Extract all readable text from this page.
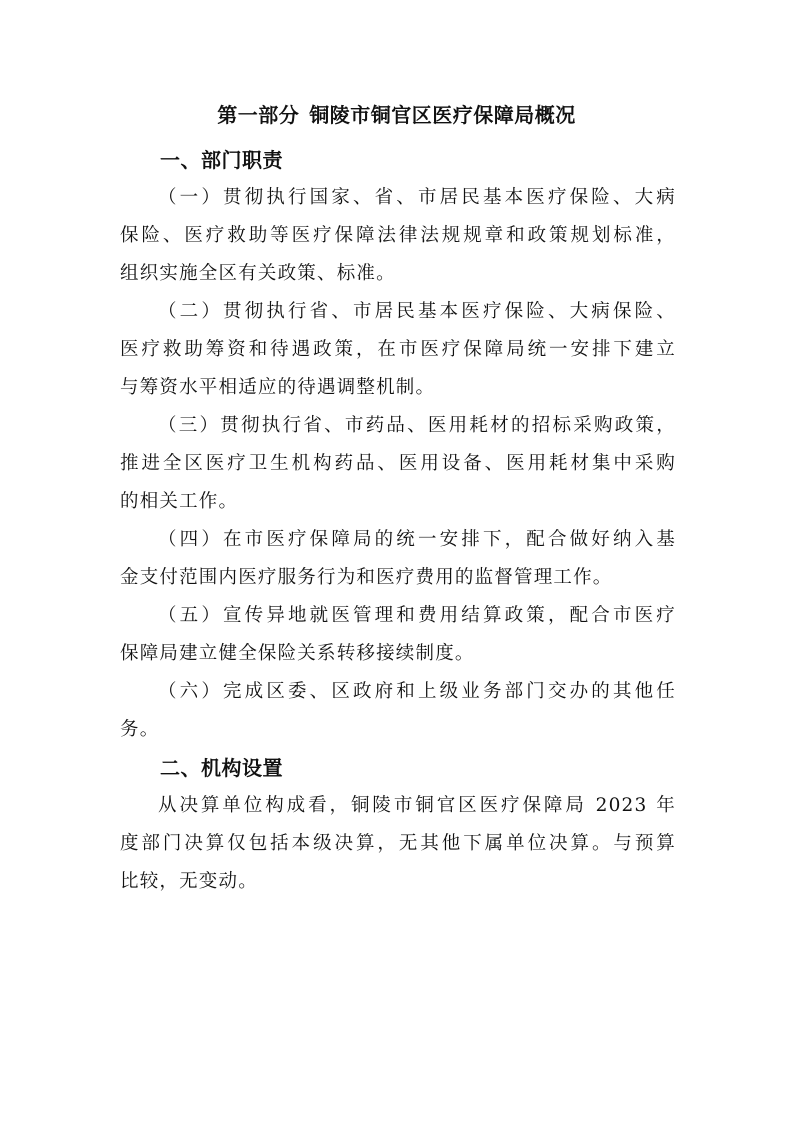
第一部分 铜陵市铜官区医疗保障局概况
一、部门职责
（一）贯彻执行国家、省、市居民基本医疗保险、大病
保险、医疗救助等医疗保障法律法规规章和政策规划标准，
组织实施全区有关政策、标准。
（二）贯彻执行省、市居民基本医疗保险、大病保险、
医疗救助筹资和待遇政策，在市医疗保障局统一安排下建立
与筹资水平相适应的待遇调整机制。
（三）贯彻执行省、市药品、医用耗材的招标采购政策，
推进全区医疗卫生机构药品、医用设备、医用耗材集中采购
的相关工作。
（四）在市医疗保障局的统一安排下，配合做好纳入基
金支付范围内医疗服务行为和医疗费用的监督管理工作。
（五）宣传异地就医管理和费用结算政策，配合市医疗
保障局建立健全保险关系转移接续制度。
（六）完成区委、区政府和上级业务部门交办的其他任
务。
二、机构设置
从决算单位构成看，铜陵市铜官区医疗保障局 2023 年
度部门决算仅包括本级决算，无其他下属单位决算。与预算
比较，无变动。
